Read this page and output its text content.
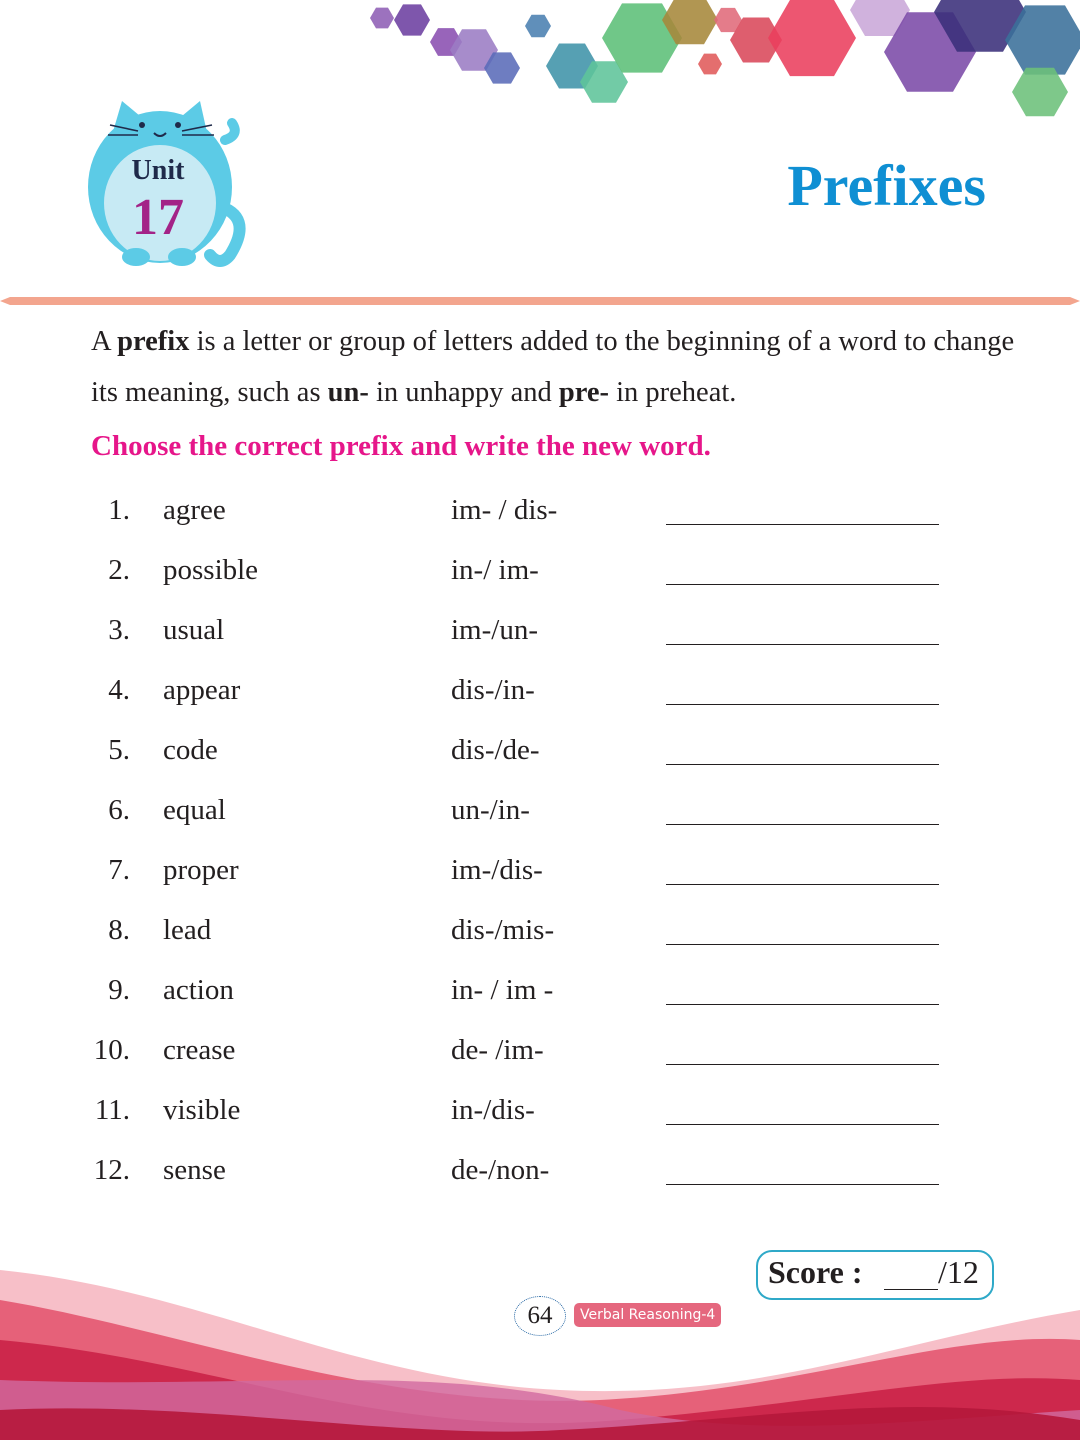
Unit
17	Prefixes
A prefix is a letter or group of letters added to the beginning of a word to change its meaning, such as un- in unhappy and pre- in preheat.
Choose the correct prefix and write the new word.
1. agree	im- / dis-
2. possible	in-/ im-
3. usual	im-/un-
4. appear	dis-/in-
5. code	dis-/de-
6. equal	un-/in-
7. proper	im-/dis-
8. lead	dis-/mis-
9. action	in- / im -
10. crease	de- /im-
11. visible	in-/dis-
12. sense	de-/non-
Score : /12
64	Verbal Reasoning-4
